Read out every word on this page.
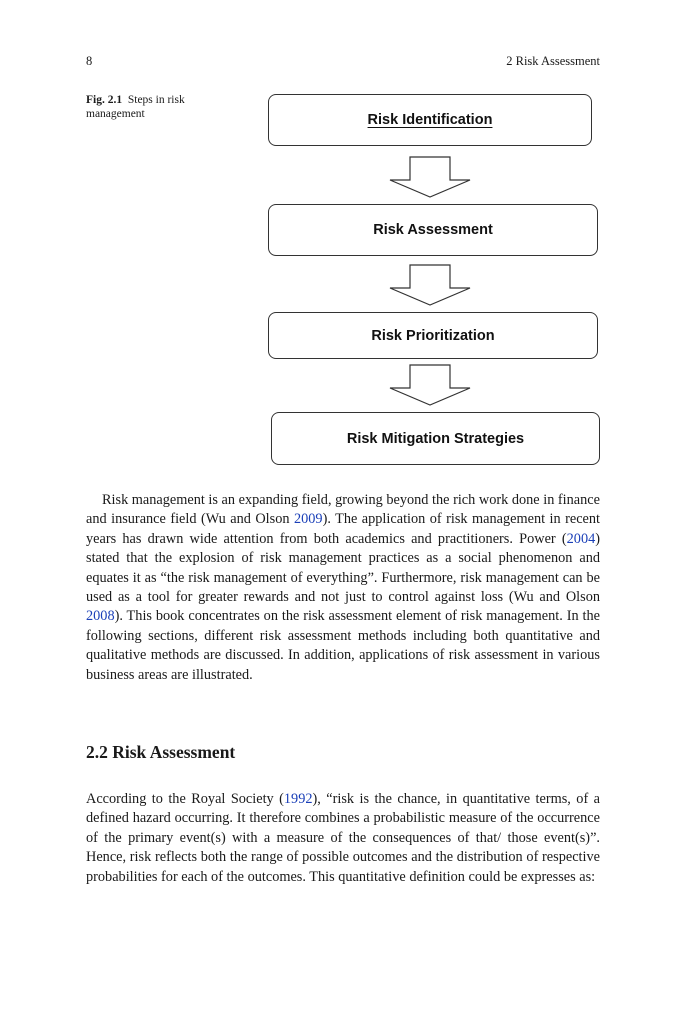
8	2 Risk Assessment
Fig. 2.1 Steps in risk management	Risk Identification
Risk Assessment
Risk Prioritization
Risk Mitigation Strategies

Risk management is an expanding field, growing beyond the rich work done in finance and insurance field (Wu and Olson 2009). The application of risk management in recent years has drawn wide attention from both academics and practitioners. Power (2004) stated that the explosion of risk management practices as a social phenomenon and equates it as “the risk management of everything”. Furthermore, risk management can be used as a tool for greater rewards and not just to control against loss (Wu and Olson 2008). This book concentrates on the risk assessment element of risk management. In the following sections, different risk assessment methods including both quantitative and qualitative methods are discussed. In addition, applications of risk assessment in various business areas are illustrated.

2.2 Risk Assessment

According to the Royal Society (1992), “risk is the chance, in quantitative terms, of a defined hazard occurring. It therefore combines a probabilistic measure of the occurrence of the primary event(s) with a measure of the consequences of that/ those event(s)”. Hence, risk reflects both the range of possible outcomes and the distribution of respective probabilities for each of the outcomes. This quantitative definition could be expresses as:
